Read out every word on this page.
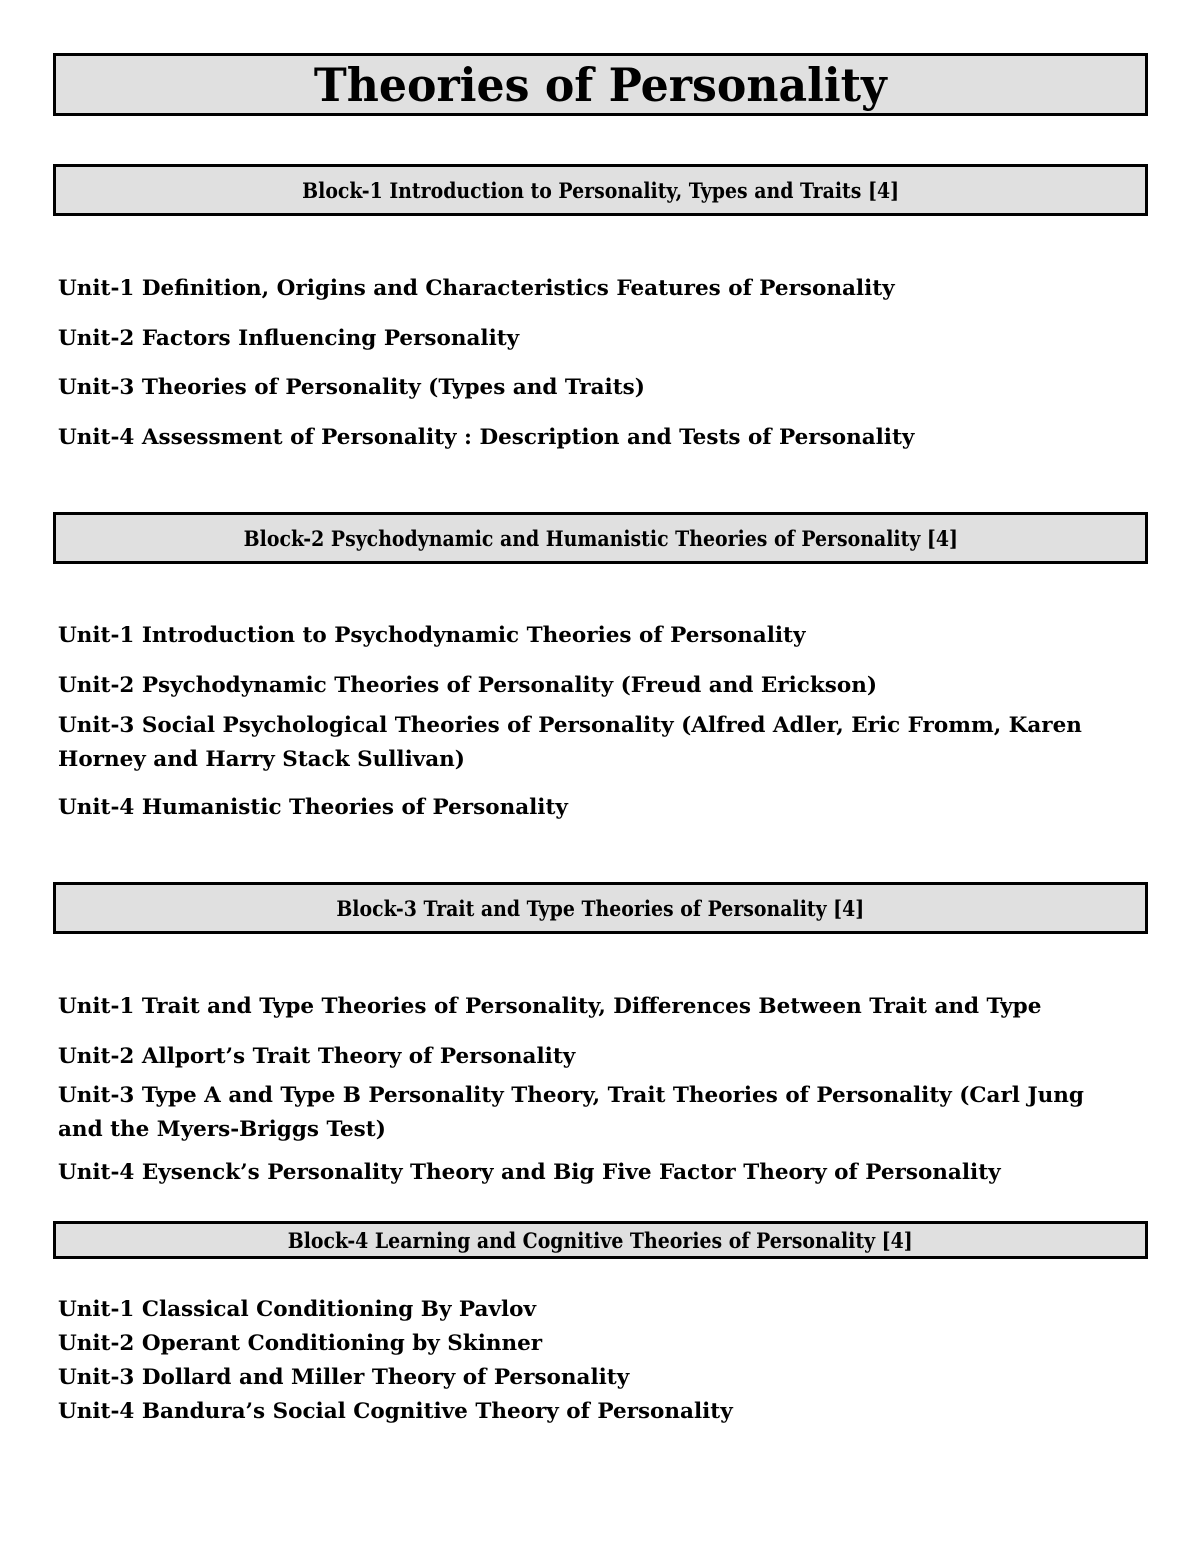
Theories of Personality
Block-1 Introduction to Personality, Types and Traits [4]
Unit-1 Definition, Origins and Characteristics Features of Personality
Unit-2 Factors Influencing Personality
Unit-3 Theories of Personality (Types and Traits)
Unit-4 Assessment of Personality : Description and Tests of Personality
Block-2 Psychodynamic and Humanistic Theories of Personality [4]
Unit-1 Introduction to Psychodynamic Theories of Personality
Unit-2 Psychodynamic Theories of Personality (Freud and Erickson)
Unit-3 Social Psychological Theories of Personality (Alfred Adler, Eric Fromm, Karen Horney and Harry Stack Sullivan)
Unit-4 Humanistic Theories of Personality
Block-3 Trait and Type Theories of Personality [4]
Unit-1 Trait and Type Theories of Personality, Differences Between Trait and Type
Unit-2 Allport’s Trait Theory of Personality
Unit-3 Type A and Type B Personality Theory, Trait Theories of Personality (Carl Jung and the Myers-Briggs Test)
Unit-4 Eysenck’s Personality Theory and Big Five Factor Theory of Personality
Block-4 Learning and Cognitive Theories of Personality [4]
Unit-1 Classical Conditioning By Pavlov
Unit-2 Operant Conditioning by Skinner
Unit-3 Dollard and Miller Theory of Personality
Unit-4 Bandura’s Social Cognitive Theory of Personality
